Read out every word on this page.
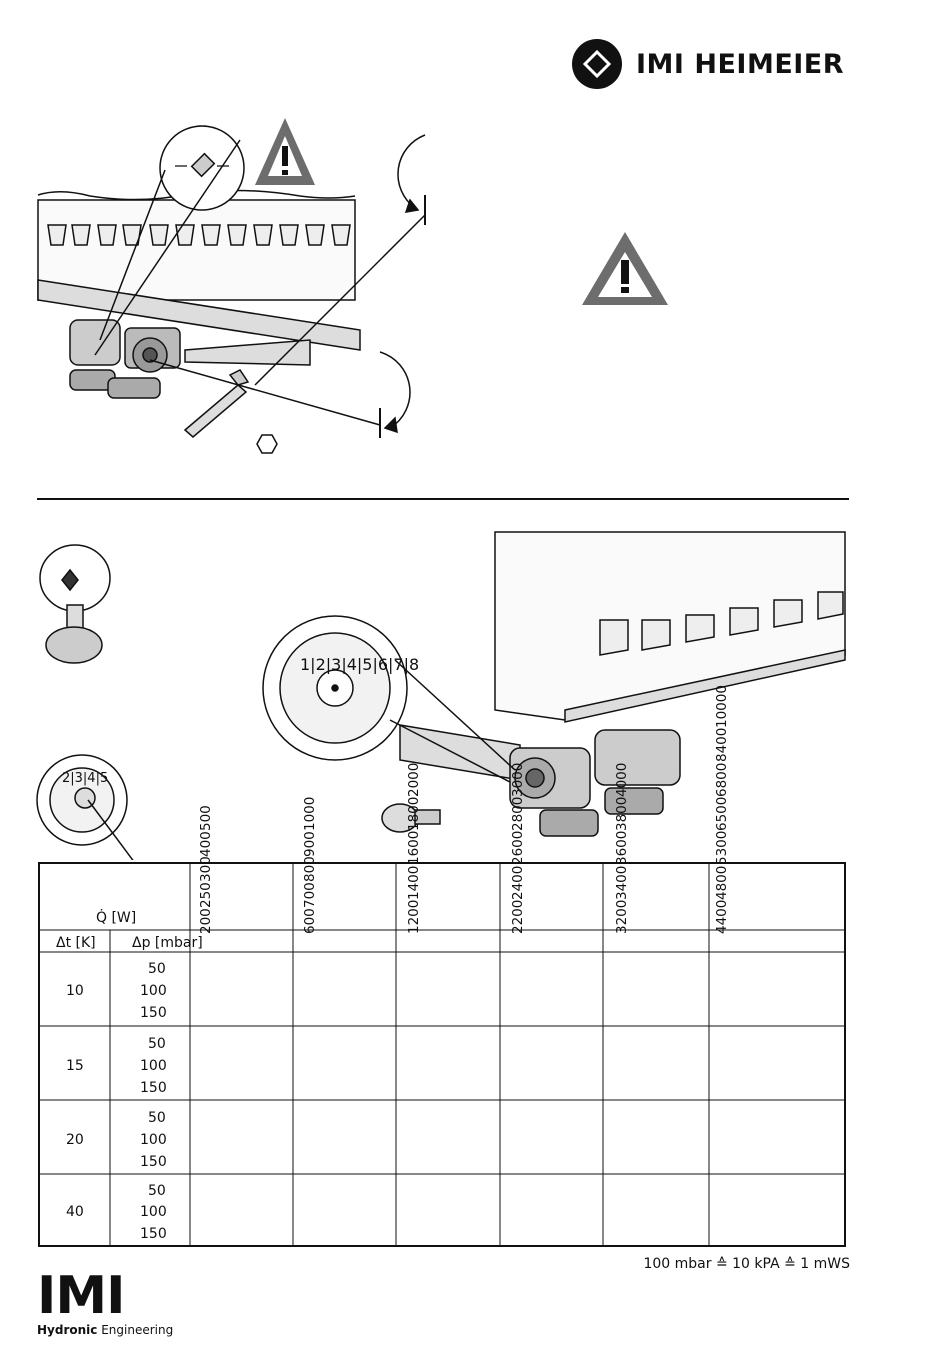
IMI HEIMEIER
1|2|3|4|5|6|7|8
2|3|4|5
Q̇ [W]
Δt [K]	Δp [mbar]
200
250
300
400
500
600
700
800
900
1000
1200
1400
1600
1800
2000
2200
2400
2600
2800
3000
3200
3400
3600
3800
4000
4400
4800
5300
6500
6800
8400
10000
10
50
100
150
15
50
100
150
20
50
100
150
40
50
100
150
100 mbar ≙ 10 kPA ≙ 1 mWS
IMI
Hydronic Engineering
